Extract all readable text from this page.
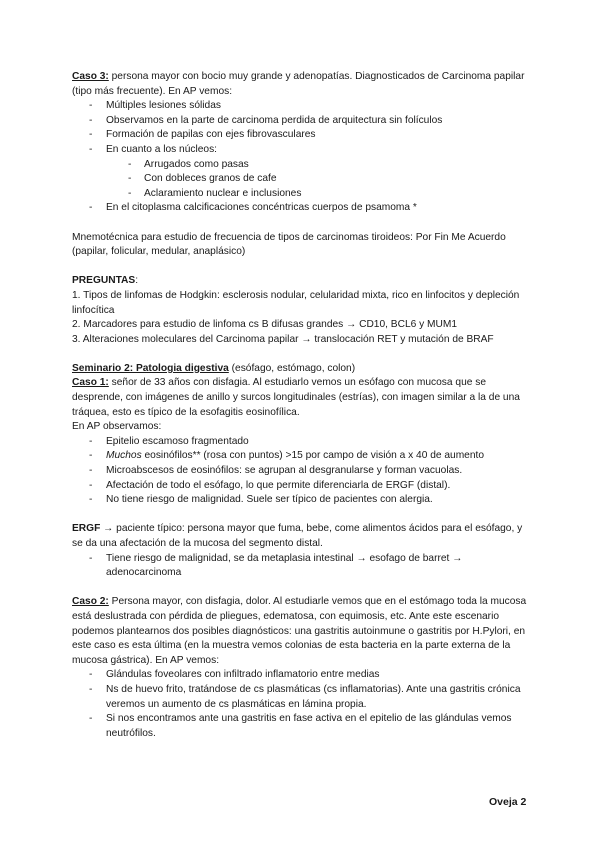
Caso 3: persona mayor con bocio muy grande y adenopatías. Diagnosticados de Carcinoma papilar (tipo más frecuente). En AP vemos:

- Múltiples lesiones sólidas
- Observamos en la parte de carcinoma perdida de arquitectura sin folículos
- Formación de papilas con ejes fibrovasculares
- En cuanto a los núcleos:
- Arrugados como pasas
- Con dobleces granos de cafe
- Aclaramiento nuclear e inclusiones
- En el citoplasma calcificaciones concéntricas cuerpos de psamoma *

Mnemotécnica para estudio de frecuencia de tipos de carcinomas tiroideos: Por Fin Me Acuerdo (papilar, folicular, medular, anaplásico)

PREGUNTAS:

1. Tipos de linfomas de Hodgkin: esclerosis nodular, celularidad mixta, rico en linfocitos y depleción linfocítica

2. Marcadores para estudio de linfoma cs B difusas grandes → CD10, BCL6 y MUM1

3. Alteraciones moleculares del Carcinoma papilar → translocación RET y mutación de BRAF

Seminario 2: Patologia digestiva (esófago, estómago, colon)

Caso 1: señor de 33 años con disfagia. Al estudiarlo vemos un esófago con mucosa que se desprende, con imágenes de anillo y surcos longitudinales (estrías), con imagen similar a la de una tráquea, esto es típico de la esofagitis eosinofílica.

En AP observamos:

- Epitelio escamoso fragmentado
- Muchos eosinófilos** (rosa con puntos) >15 por campo de visión a x 40 de aumento
- Microabscesos de eosinófilos: se agrupan al desgranularse y forman vacuolas.
- Afectación de todo el esófago, lo que permite diferenciarla de ERGF (distal).
- No tiene riesgo de malignidad. Suele ser típico de pacientes con alergia.

ERGF → paciente típico: persona mayor que fuma, bebe, come alimentos ácidos para el esófago, y se da una afectación de la mucosa del segmento distal.

- Tiene riesgo de malignidad, se da metaplasia intestinal → esofago de barret → adenocarcinoma

Caso 2: Persona mayor, con disfagia, dolor. Al estudiarle vemos que en el estómago toda la mucosa está deslustrada con pérdida de pliegues, edematosa, con equimosis, etc. Ante este escenario podemos plantearnos dos posibles diagnósticos: una gastritis autoinmune o gastritis por H.Pylori, en este caso es esta última (en la muestra vemos colonias de esta bacteria en la parte externa de la mucosa gástrica). En AP vemos:

- Glándulas foveolares con infiltrado inflamatorio entre medias
- Ns de huevo frito, tratándose de cs plasmáticas (cs inflamatorias). Ante una gastritis crónica veremos un aumento de cs plasmáticas en lámina propia.
- Si nos encontramos ante una gastritis en fase activa en el epitelio de las glándulas vemos neutrófilos.
Oveja 2
